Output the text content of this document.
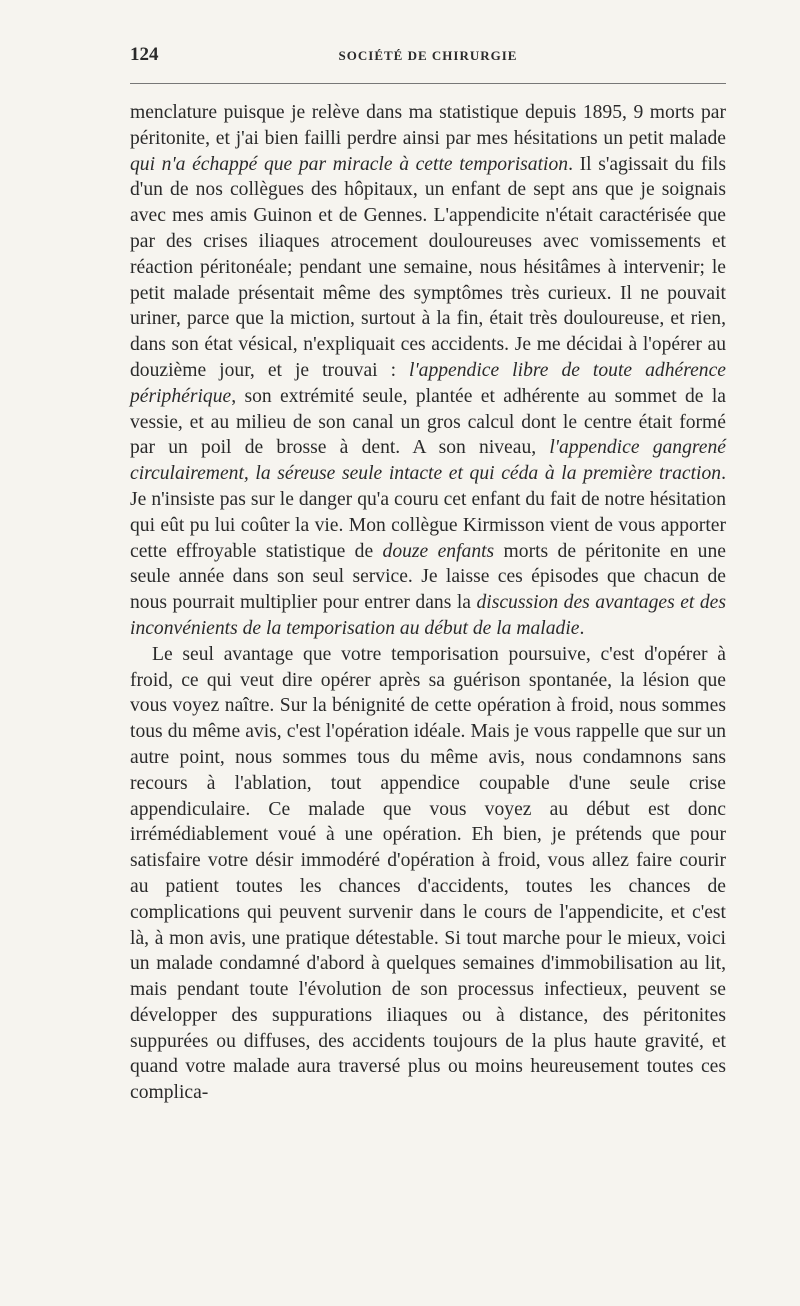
124	SOCIÉTÉ DE CHIRURGIE

menclature puisque je relève dans ma statistique depuis 1895, 9 morts par péritonite, et j'ai bien failli perdre ainsi par mes hésitations un petit malade qui n'a échappé que par miracle à cette temporisation. Il s'agissait du fils d'un de nos collègues des hôpitaux, un enfant de sept ans que je soignais avec mes amis Guinon et de Gennes. L'appendicite n'était caractérisée que par des crises iliaques atrocement douloureuses avec vomissements et réaction péritonéale; pendant une semaine, nous hésitâmes à intervenir; le petit malade présentait même des symptômes très curieux. Il ne pouvait uriner, parce que la miction, surtout à la fin, était très douloureuse, et rien, dans son état vésical, n'expliquait ces accidents. Je me décidai à l'opérer au douzième jour, et je trouvai : l'appendice libre de toute adhérence périphérique, son extrémité seule, plantée et adhérente au sommet de la vessie, et au milieu de son canal un gros calcul dont le centre était formé par un poil de brosse à dent. A son niveau, l'appendice gangrené circulairement, la séreuse seule intacte et qui céda à la première traction. Je n'insiste pas sur le danger qu'a couru cet enfant du fait de notre hésitation qui eût pu lui coûter la vie. Mon collègue Kirmisson vient de vous apporter cette effroyable statistique de douze enfants morts de péritonite en une seule année dans son seul service. Je laisse ces épisodes que chacun de nous pourrait multiplier pour entrer dans la discussion des avantages et des inconvénients de la temporisation au début de la maladie.

Le seul avantage que votre temporisation poursuive, c'est d'opérer à froid, ce qui veut dire opérer après sa guérison spontanée, la lésion que vous voyez naître. Sur la bénignité de cette opération à froid, nous sommes tous du même avis, c'est l'opération idéale. Mais je vous rappelle que sur un autre point, nous sommes tous du même avis, nous condamnons sans recours à l'ablation, tout appendice coupable d'une seule crise appendiculaire. Ce malade que vous voyez au début est donc irrémédiablement voué à une opération. Eh bien, je prétends que pour satisfaire votre désir immodéré d'opération à froid, vous allez faire courir au patient toutes les chances d'accidents, toutes les chances de complications qui peuvent survenir dans le cours de l'appendicite, et c'est là, à mon avis, une pratique détestable. Si tout marche pour le mieux, voici un malade condamné d'abord à quelques semaines d'immobilisation au lit, mais pendant toute l'évolution de son processus infectieux, peuvent se développer des suppurations iliaques ou à distance, des péritonites suppurées ou diffuses, des accidents toujours de la plus haute gravité, et quand votre malade aura traversé plus ou moins heureusement toutes ces complica-
